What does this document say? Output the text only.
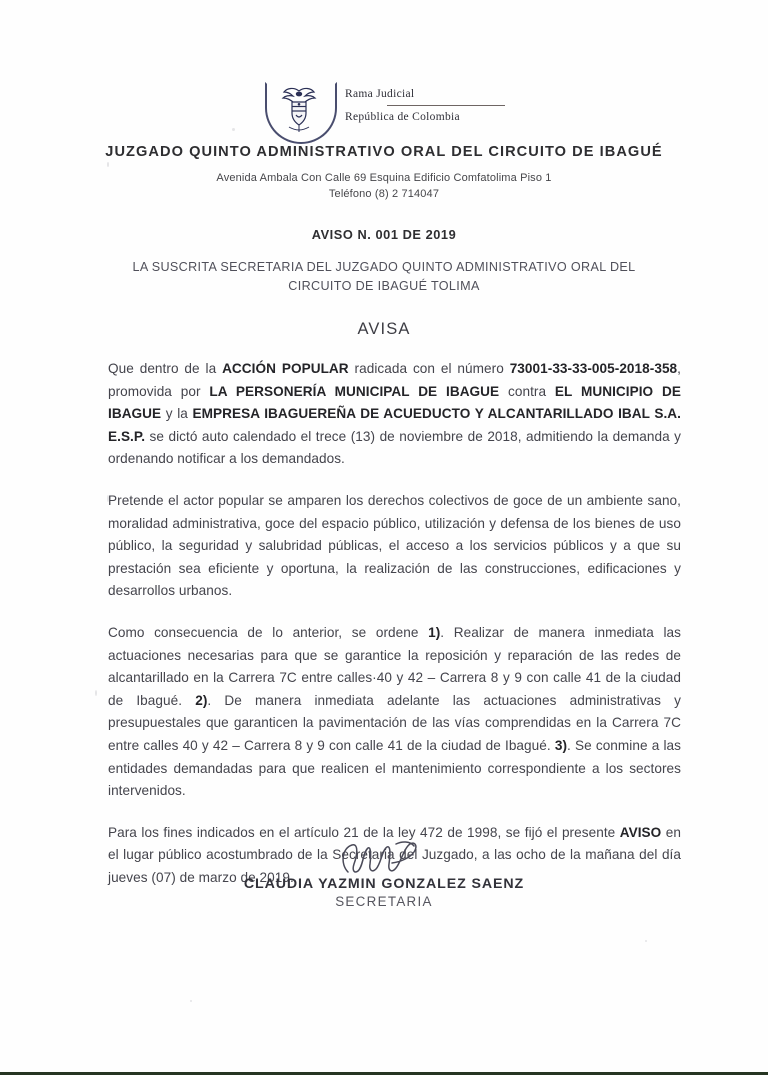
Rama Judicial
República de Colombia
JUZGADO QUINTO ADMINISTRATIVO ORAL DEL CIRCUITO DE IBAGUÉ
Avenida Ambala Con Calle 69 Esquina Edificio Comfatolima Piso 1
Teléfono (8) 2 714047
AVISO N. 001 DE 2019
LA SUSCRITA SECRETARIA DEL JUZGADO QUINTO ADMINISTRATIVO ORAL DEL CIRCUITO DE IBAGUÉ TOLIMA
AVISA

Que dentro de la ACCIÓN POPULAR radicada con el número 73001-33-33-005-2018-358, promovida por LA PERSONERÍA MUNICIPAL DE IBAGUE contra EL MUNICIPIO DE IBAGUE y la EMPRESA IBAGUEREÑA DE ACUEDUCTO Y ALCANTARILLADO IBAL S.A. E.S.P. se dictó auto calendado el trece (13) de noviembre de 2018, admitiendo la demanda y ordenando notificar a los demandados.

Pretende el actor popular se amparen los derechos colectivos de goce de un ambiente sano, moralidad administrativa, goce del espacio público, utilización y defensa de los bienes de uso público, la seguridad y salubridad públicas, el acceso a los servicios públicos y a que su prestación sea eficiente y oportuna, la realización de las construcciones, edificaciones y desarrollos urbanos.

Como consecuencia de lo anterior, se ordene 1). Realizar de manera inmediata las actuaciones necesarias para que se garantice la reposición y reparación de las redes de alcantarillado en la Carrera 7C entre calles·40 y 42 – Carrera 8 y 9 con calle 41 de la ciudad de Ibagué. 2). De manera inmediata adelante las actuaciones administrativas y presupuestales que garanticen la pavimentación de las vías comprendidas en la Carrera 7C entre calles 40 y 42 – Carrera 8 y 9 con calle 41 de la ciudad de Ibagué. 3). Se conmine a las entidades demandadas para que realicen el mantenimiento correspondiente a los sectores intervenidos.

Para los fines indicados en el artículo 21 de la ley 472 de 1998, se fijó el presente AVISO en el lugar público acostumbrado de la Secretaria del Juzgado, a las ocho de la mañana del día jueves (07) de marzo de 2019.

CLAUDIA YAZMIN GONZALEZ SAENZ
SECRETARIA
